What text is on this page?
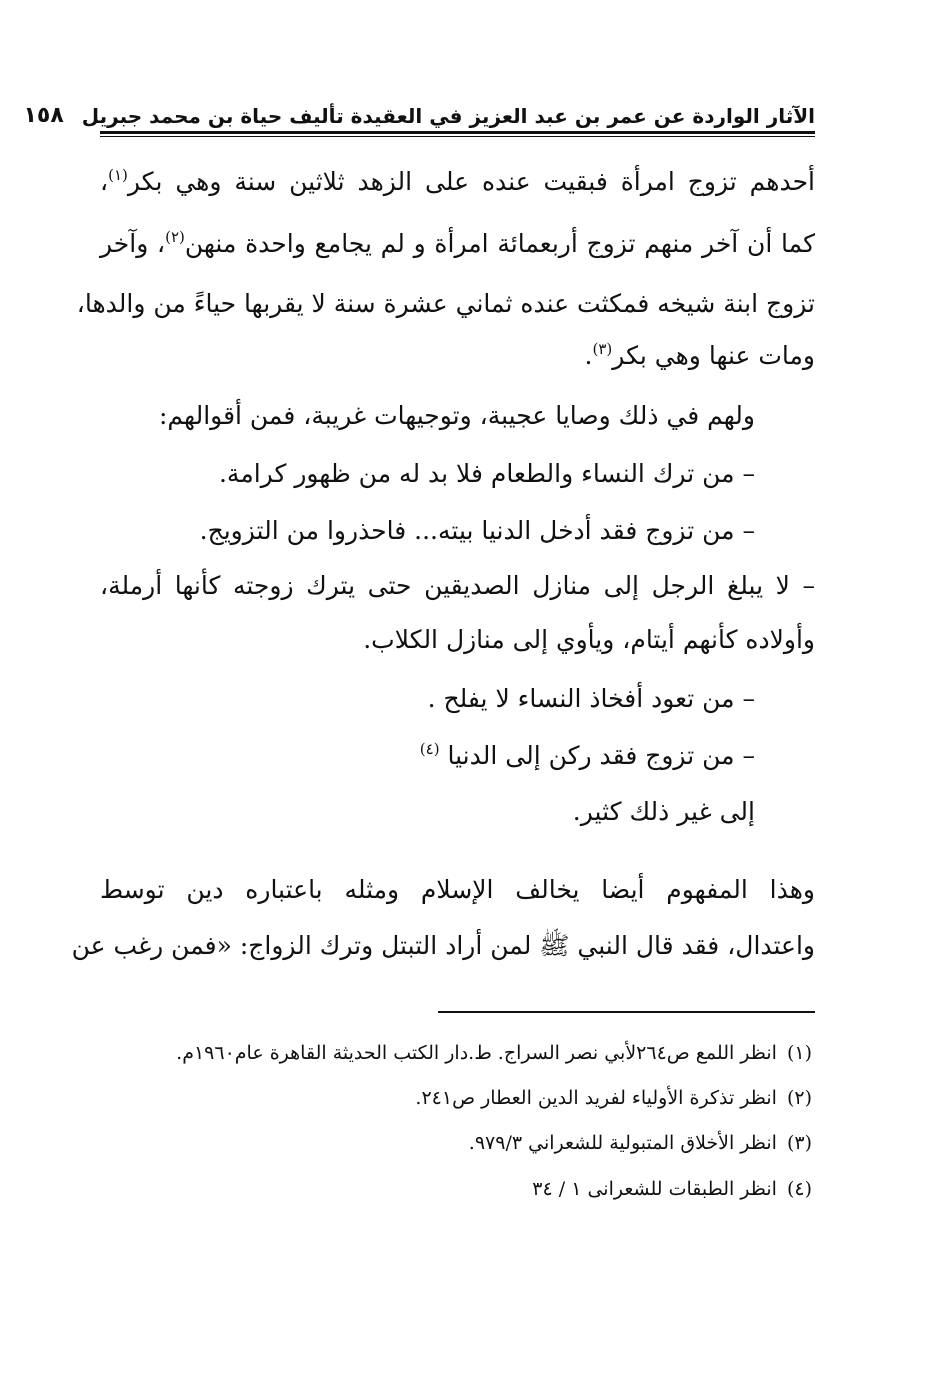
الآثار الواردة عن عمر بن عبد العزيز في العقيدة تأليف حياة بن محمد جبريل
١٥٨
أحدهم تزوج امرأة فبقيت عنده على الزهد ثلاثين سنة وهي بكر$^{(١)}$،
كما أن آخر منهم تزوج أربعمائة امرأة و لم يجامع واحدة منهن$^{(٢)}$، وآخر
تزوج ابنة شيخه فمكثت عنده ثماني عشرة سنة لا يقربها حياءً من والدها،
ومات عنها وهي بكر$^{(٣)}$.
ولهم في ذلك وصايا عجيبة، وتوجيهات غريبة، فمن أقوالهم:
– من ترك النساء والطعام فلا بد له من ظهور كرامة.
– من تزوج فقد أدخل الدنيا بيته... فاحذروا من التزويج.
– لا يبلغ الرجل إلى منازل الصديقين حتى يترك زوجته كأنها أرملة،
وأولاده كأنهم أيتام، ويأوي إلى منازل الكلاب.
– من تعود أفخاذ النساء لا يفلح .
– من تزوج فقد ركن إلى الدنيا $^{(٤)}$
إلى غير ذلك كثير.
وهذا المفهوم أيضا يخالف الإسلام ومثله باعتباره دين توسط
واعتدال، فقد قال النبي ﷺ لمن أراد التبتل وترك الزواج: «فمن رغب عن
(١)انظر اللمع ص٢٦٤لأبي نصر السراج. ط.دار الكتب الحديثة القاهرة عام١٩٦٠م.
(٢)انظر تذكرة الأولياء لفريد الدين العطار ص٢٤١.
(٣)انظر الأخلاق المتبولية للشعراني ٩٧٩/٣.
(٤)انظر الطبقات للشعرانى ١ / ٣٤
